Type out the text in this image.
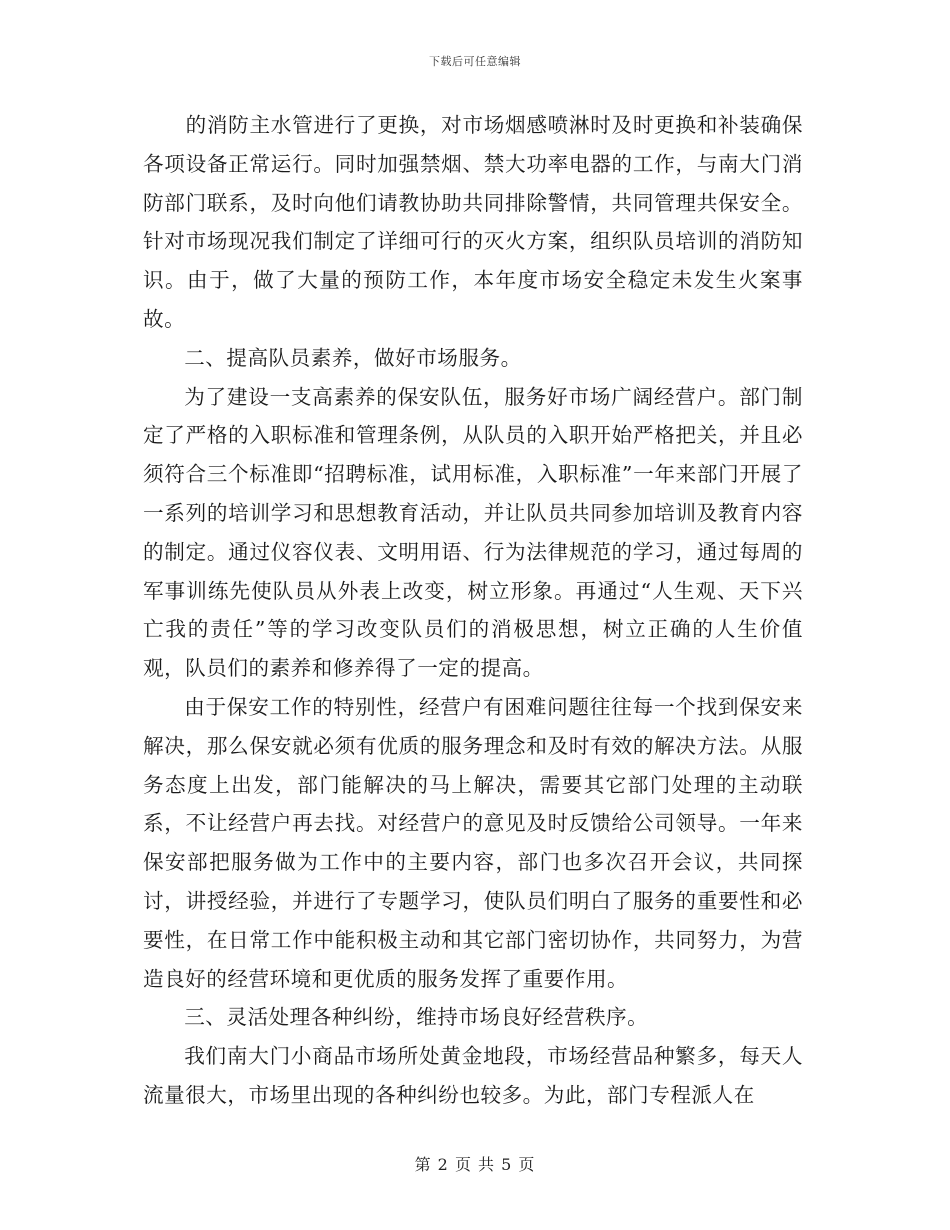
下载后可任意编辑

　　的消防主水管进行了更换，对市场烟感喷淋时及时更换和补装确保各项设备正常运行。同时加强禁烟、禁大功率电器的工作，与南大门消防部门联系，及时向他们请教协助共同排除警情，共同管理共保安全。针对市场现况我们制定了详细可行的灭火方案，组织队员培训的消防知识。由于，做了大量的预防工作，本年度市场安全稳定未发生火案事故。

二、提高队员素养，做好市场服务。

为了建设一支高素养的保安队伍，服务好市场广阔经营户。部门制定了严格的入职标准和管理条例，从队员的入职开始严格把关，并且必须符合三个标准即“招聘标准，试用标准，入职标准”一年来部门开展了一系列的培训学习和思想教育活动，并让队员共同参加培训及教育内容的制定。通过仪容仪表、文明用语、行为法律规范的学习，通过每周的军事训练先使队员从外表上改变，树立形象。再通过“人生观、天下兴亡我的责任”等的学习改变队员们的消极思想，树立正确的人生价值观，队员们的素养和修养得了一定的提高。

由于保安工作的特别性，经营户有困难问题往往每一个找到保安来解决，那么保安就必须有优质的服务理念和及时有效的解决方法。从服务态度上出发，部门能解决的马上解决，需要其它部门处理的主动联系，不让经营户再去找。对经营户的意见及时反馈给公司领导。一年来保安部把服务做为工作中的主要内容，部门也多次召开会议，共同探讨，讲授经验，并进行了专题学习，使队员们明白了服务的重要性和必要性，在日常工作中能积极主动和其它部门密切协作，共同努力，为营造良好的经营环境和更优质的服务发挥了重要作用。

三、灵活处理各种纠纷，维持市场良好经营秩序。

我们南大门小商品市场所处黄金地段，市场经营品种繁多，每天人流量很大，市场里出现的各种纠纷也较多。为此，部门专程派人在

第 2 页 共 5 页
